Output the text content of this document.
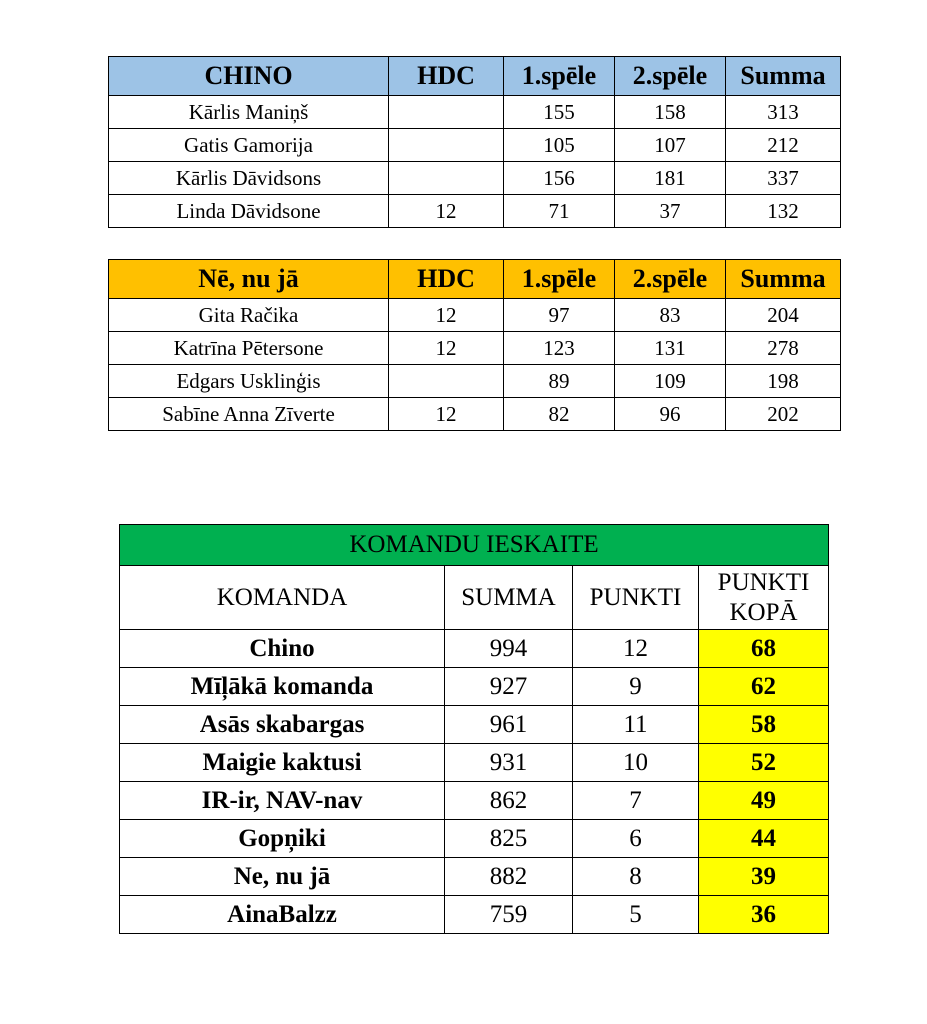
CHINO	HDC	1.spēle	2.spēle	Summa
Kārlis Maniņš		155	158	313
Gatis Gamorija		105	107	212
Kārlis Dāvidsons		156	181	337
Linda Dāvidsone	12	71	37	132
Nē, nu jā	HDC	1.spēle	2.spēle	Summa
Gita Račika	12	97	83	204
Katrīna Pētersone	12	123	131	278
Edgars Usklinģis		89	109	198
Sabīne Anna Zīverte	12	82	96	202
KOMANDU IESKAITE			
KOMANDA	SUMMA	PUNKTI	PUNKTI
KOPĀ
Chino	994	12	68
Mīļākā komanda	927	9	62
Asās skabargas	961	11	58
Maigie kaktusi	931	10	52
IR-ir, NAV-nav	862	7	49
Gopņiki	825	6	44
Ne, nu jā	882	8	39
AinaBalzz	759	5	36
